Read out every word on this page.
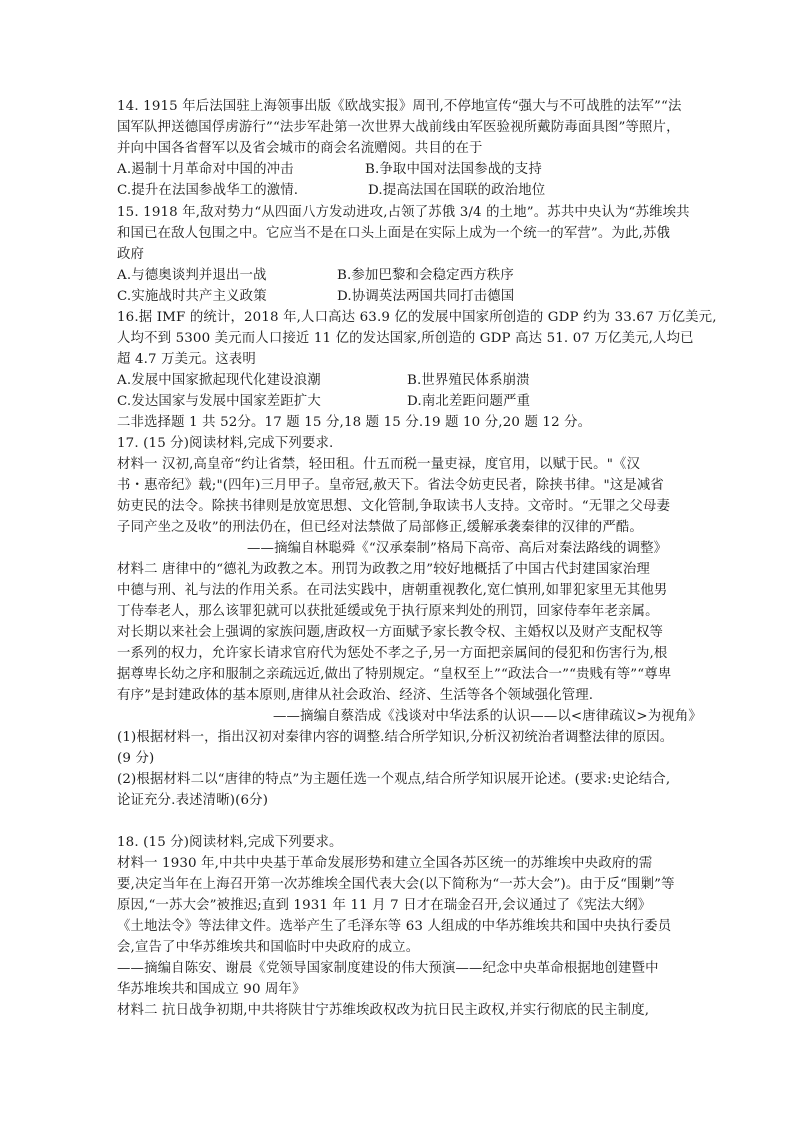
14. 1915 年后法国驻上海领事出版《欧战实报》周刊,不停地宣传“强大与不可战胜的法军”“法
国军队押送德国俘虏游行”“法步军赴第一次世界大战前线由军医验视所戴防毒面具图”等照片，
并向中国各省督军以及省会城市的商会名流赠阅。共目的在于
A.遏制十月革命对中国的冲击	B.争取中国对法国参战的支持
C.提升在法国参战华工的激情.	D.提高法国在国联的政治地位
15. 1918 年,敌对势力“从四面八方发动进攻,占领了苏俄 3/4 的土地”。苏共中央认为“苏维埃共
和国已在敌人包围之中。它应当不是在口头上面是在实际上成为一个统一的军营”。为此,苏俄
政府
A.与德奥谈判并退出一战	B.参加巴黎和会稳定西方秩序
C.实施战时共产主义政策	D.协调英法两国共同打击德国
16.据 IMF 的统计，2018 年,人口高达 63.9 亿的发展中国家所创造的 GDP 约为 33.67 万亿美元,
人均不到 5300 美元而人口接近 11 亿的发达国家,所创造的 GDP 高达 51. 07 万亿美元,人均已
超 4.7 万美元。这表明
A.发展中国家掀起现代化建设浪潮	B.世界殖民体系崩溃
C.发达国家与发展中国家差距扩大	D.南北差距问题严重
二非选择题 1 共 52分。17 题 15 分,18 题 15 分.19 题 10 分,20 题 12 分。
17. (15 分)阅读材料,完成下列要求.
材料一 汉初,高皇帝“约让省禁，轻田租。什五而税一量吏禄，度官用，以赋于民。"《汉
书・惠帝纪》载;"(四年)三月甲子。皇帝冠,赦天下。省法令妨吏民者，除挟书律。"这是减省
妨吏民的法令。除挟书律则是放宽思想、文化管制,争取读书人支持。文帝时。“无罪之父母妻
子同产坐之及收”的刑法仍在，但已经对法禁做了局部修正,缓解承袭秦律的汉律的严酷。
——摘编自林聪舜《“汉承秦制”格局下高帝、高后对秦法路线的调整》
材料二 唐律中的“德礼为政教之本。刑罚为政教之用”较好地概括了中国古代封建国家治理
中德与刑、礼与法的作用关系。在司法实践中，唐朝重视教化,宽仁慎刑,如罪犯家里无其他男
丁侍奉老人，那么该罪犯就可以获批延缓或免于执行原来判处的刑罚，回家侍奉年老亲属。
对长期以来社会上强调的家族问题,唐政权一方面赋予家长教令权、主婚权以及财产支配权等
一系列的权力，允许家长请求官府代为惩处不孝之子,另一方面把亲属间的侵犯和伤害行为,根
据尊卑长幼之序和服制之亲疏远近,做出了特别规定。“皇权至上”“政法合一”“贵贱有等”“尊卑
有序”是封建政体的基本原则,唐律从社会政治、经济、生活等各个领域强化管理.
——摘编自蔡浩成《浅谈对中华法系的认识——以<唐律疏议>为视角》
(1)根据材料一，指出汉初对秦律内容的调整.结合所学知识,分析汉初统治者调整法律的原因。
(9 分)
(2)根据材料二以“唐律的特点”为主题任选一个观点,结合所学知识展开论述。(要求:史论结合,
论证充分.表述清晰)(6分)
18. (15 分)阅读材料,完成下列要求。
材料一 1930 年,中共中央基于革命发展形势和建立全国各苏区统一的苏维埃中央政府的需
要,决定当年在上海召开第一次苏维埃全国代表大会(以下简称为“一苏大会”)。由于反“围剿”等
原因,“一苏大会”被推迟;直到 1931 年 11 月 7 日才在瑞金召开,会议通过了《宪法大纲》
《土地法令》等法律文件。选举产生了毛泽东等 63 人组成的中华苏维埃共和国中央执行委员
会,宣告了中华苏维埃共和国临时中央政府的成立。
——摘编自陈安、谢晨《党领导国家制度建设的伟大预演——纪念中央革命根据地创建暨中
华苏堆埃共和国成立 90 周年》
材料二 抗日战争初期,中共将陕甘宁苏维埃政权改为抗日民主政权,并实行彻底的民主制度,
